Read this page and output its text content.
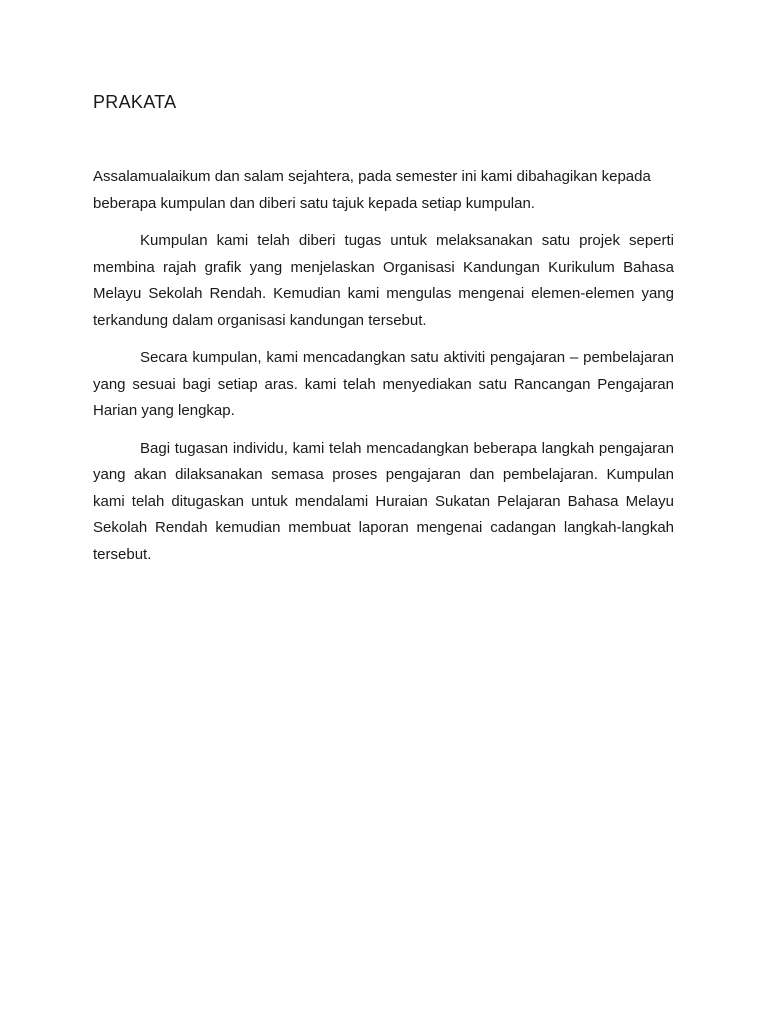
PRAKATA

Assalamualaikum dan salam sejahtera, pada semester ini kami dibahagikan kepada beberapa kumpulan dan diberi satu tajuk kepada setiap kumpulan.

Kumpulan kami telah diberi tugas untuk melaksanakan satu projek seperti membina rajah grafik yang menjelaskan Organisasi Kandungan Kurikulum Bahasa Melayu Sekolah Rendah. Kemudian kami mengulas mengenai elemen-elemen yang terkandung dalam organisasi kandungan tersebut.

Secara kumpulan, kami mencadangkan satu aktiviti pengajaran – pembelajaran yang sesuai bagi setiap aras. kami telah menyediakan satu Rancangan Pengajaran Harian yang lengkap.

Bagi tugasan individu, kami telah mencadangkan beberapa langkah pengajaran yang akan dilaksanakan semasa proses pengajaran dan pembelajaran. Kumpulan kami telah ditugaskan untuk mendalami Huraian Sukatan Pelajaran Bahasa Melayu Sekolah Rendah kemudian membuat laporan mengenai cadangan langkah-langkah tersebut.
